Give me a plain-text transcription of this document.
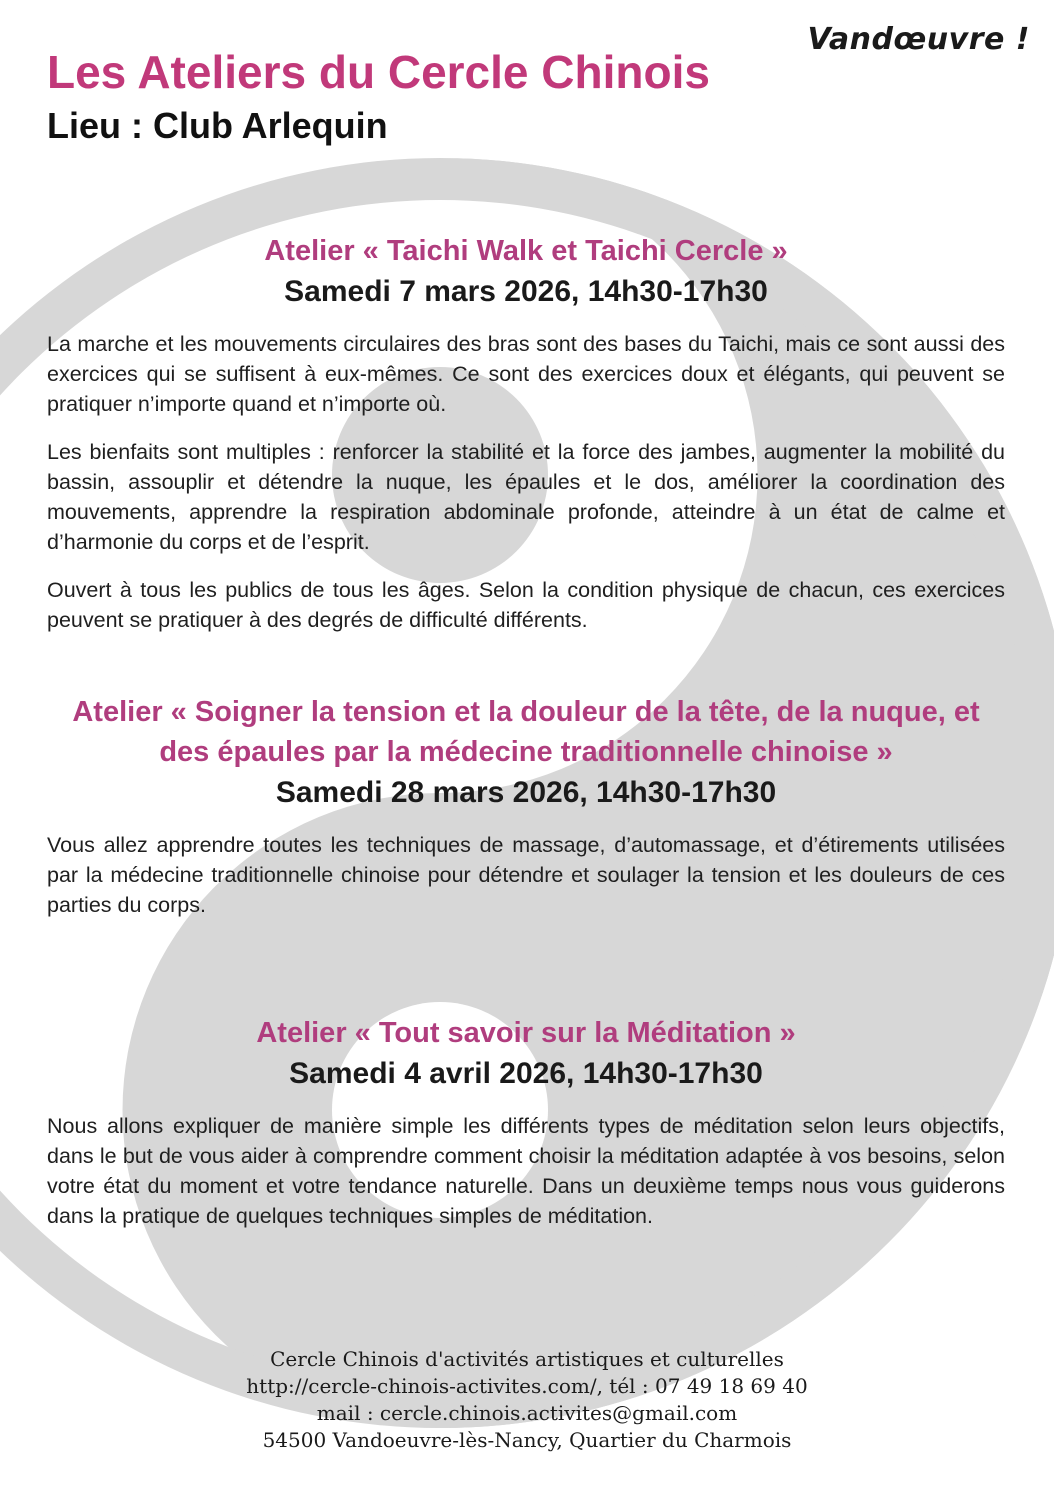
Vandœuvre !
Les Ateliers du Cercle Chinois
Lieu : Club Arlequin
Atelier « Taichi Walk et Taichi Cercle »
Samedi 7 mars 2026, 14h30-17h30

La marche et les mouvements circulaires des bras sont des bases du Taichi, mais ce sont aussi des exercices qui se suffisent à eux-mêmes. Ce sont des exercices doux et élégants, qui peuvent se pratiquer n’importe quand et n’importe où.

Les bienfaits sont multiples : renforcer la stabilité et la force des jambes, augmenter la mobilité du bassin, assouplir et détendre la nuque, les épaules et le dos, améliorer la coordination des mouvements, apprendre la respiration abdominale profonde, atteindre à un état de calme et d’harmonie du corps et de l’esprit.

Ouvert à tous les publics de tous les âges. Selon la condition physique de chacun, ces exercices peuvent se pratiquer à des degrés de difficulté différents.

Atelier « Soigner la tension et la douleur de la tête, de la nuque, et des épaules par la médecine traditionnelle chinoise »
Samedi 28 mars 2026, 14h30-17h30

Vous allez apprendre toutes les techniques de massage, d’automassage, et d’étirements utilisées par la médecine traditionnelle chinoise pour détendre et soulager la tension et les douleurs de ces parties du corps.

Atelier « Tout savoir sur la Méditation »
Samedi 4 avril 2026, 14h30-17h30

Nous allons expliquer de manière simple les différents types de méditation selon leurs objectifs, dans le but de vous aider à comprendre comment choisir la méditation adaptée à vos besoins, selon votre état du moment et votre tendance naturelle. Dans un deuxième temps nous vous guiderons dans la pratique de quelques techniques simples de méditation.

Cercle Chinois d'activités artistiques et culturelles
http://cercle-chinois-activites.com/, tél : 07 49 18 69 40
mail : cercle.chinois.activites@gmail.com
54500 Vandoeuvre-lès-Nancy, Quartier du Charmois
